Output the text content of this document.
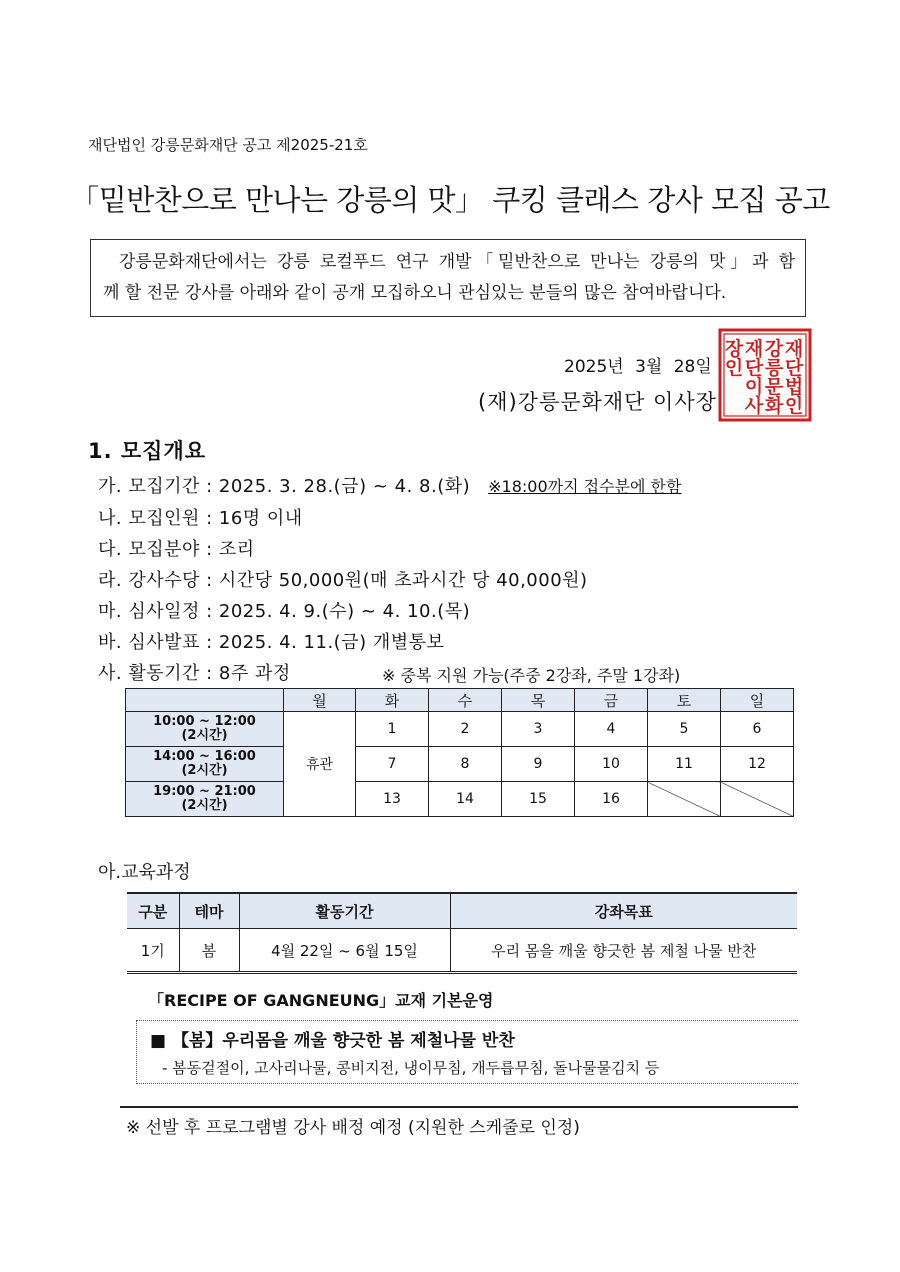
재단법인 강릉문화재단 공고 제2025-21호
「밑반찬으로 만나는 강릉의 맛」 쿠킹 클래스 강사 모집 공고
강릉문화재단에서는 강릉 로컬푸드 연구 개발「밑반찬으로 만나는 강릉의 맛」과 함
께 할 전문 강사를 아래와 같이 공개 모집하오니 관심있는 분들의 많은 참여바랍니다.
2025년 3월 28일
(재)강릉문화재단 이사장
재
단
법
인
강
릉
문
화
재
단
이
사
장
인
1. 모집개요
가. 모집기간 : 2025. 3. 28.(금) ~ 4. 8.(화) ※18:00까지 접수분에 한함
나. 모집인원 : 16명 이내
다. 모집분야 : 조리
라. 강사수당 : 시간당 50,000원(매 초과시간 당 40,000원)
마. 심사일정 : 2025. 4. 9.(수) ~ 4. 10.(목)
바. 심사발표 : 2025. 4. 11.(금) 개별통보
사. 활동기간 : 8주 과정	※ 중복 지원 가능(주중 2강좌, 주말 1강좌)
	월	화	수	목	금	토	일

10:00 ~ 12:00
(2시간)	휴관	1	2	3	4	5	6

14:00 ~ 16:00
(2시간)		7	8	9	10	11	12

19:00 ~ 21:00
(2시간)		13	14	15	16		
아.교육과정
구분	테마	활동기간	강좌목표
1기	봄	4월 22일 ~ 6월 15일	우리 몸을 깨울 향긋한 봄 제철 나물 반찬
「RECIPE OF GANGNEUNG」교재 기본운영
■ 【봄】우리몸을 깨울 향긋한 봄 제철나물 반찬
- 봄동겉절이, 고사리나물, 콩비지전, 냉이무침, 개두릅무침, 돌나물물김치 등
※ 선발 후 프로그램별 강사 배정 예정 (지원한 스케줄로 인정)
